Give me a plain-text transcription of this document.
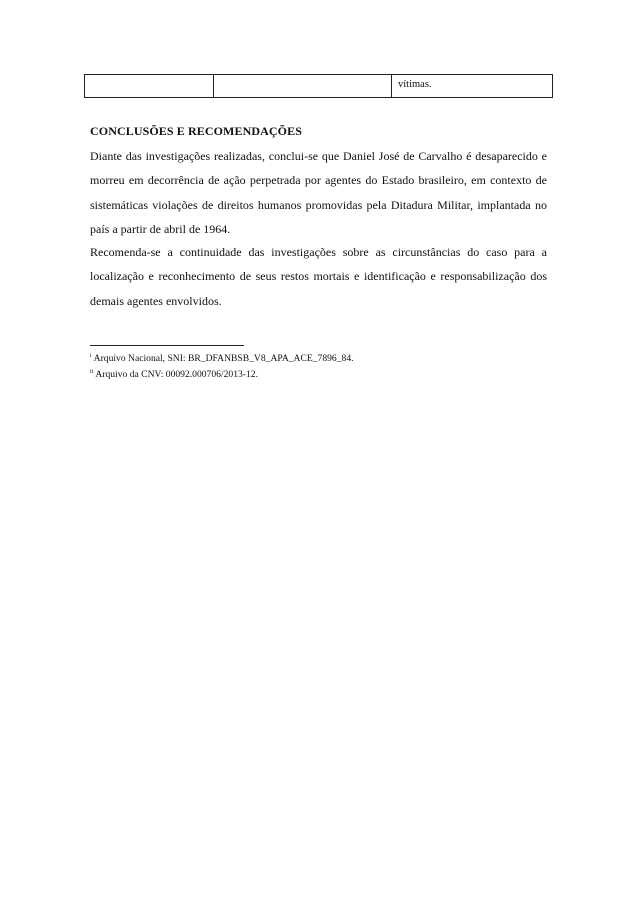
		vítimas.
CONCLUSÕES E RECOMENDAÇÕES

Diante das investigações realizadas, conclui-se que Daniel José de Carvalho é desaparecido e morreu em decorrência de ação perpetrada por agentes do Estado brasileiro, em contexto de sistemáticas violações de direitos humanos promovidas pela Ditadura Militar, implantada no país a partir de abril de 1964.

Recomenda-se a continuidade das investigações sobre as circunstâncias do caso para a localização e reconhecimento de seus restos mortais e identificação e responsabilização dos demais agentes envolvidos.

$^i$ Arquivo Nacional, SNI: BR_DFANBSB_V8_APA_ACE_7896_84.

$^{ii}$ Arquivo da CNV: 00092.000706/2013-12.
